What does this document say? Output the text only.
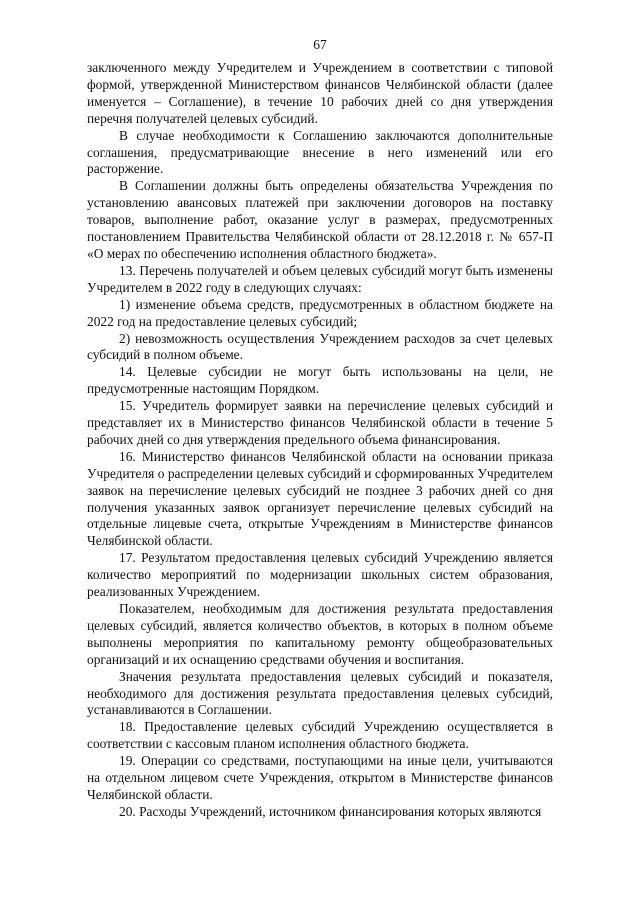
67

заключенного между Учредителем и Учреждением в соответствии с типовой формой, утвержденной Министерством финансов Челябинской области (далее именуется – Соглашение), в течение 10 рабочих дней со дня утверждения перечня получателей целевых субсидий.

В случае необходимости к Соглашению заключаются дополнительные соглашения, предусматривающие внесение в него изменений или его расторжение.

В Соглашении должны быть определены обязательства Учреждения по установлению авансовых платежей при заключении договоров на поставку товаров, выполнение работ, оказание услуг в размерах, предусмотренных постановлением Правительства Челябинской области от 28.12.2018 г. № 657-П «О мерах по обеспечению исполнения областного бюджета».

13. Перечень получателей и объем целевых субсидий могут быть изменены Учредителем в 2022 году в следующих случаях:

1) изменение объема средств, предусмотренных в областном бюджете на 2022 год на предоставление целевых субсидий;

2) невозможность осуществления Учреждением расходов за счет целевых субсидий в полном объеме.

14. Целевые субсидии не могут быть использованы на цели, не предусмотренные настоящим Порядком.

15. Учредитель формирует заявки на перечисление целевых субсидий и представляет их в Министерство финансов Челябинской области в течение 5 рабочих дней со дня утверждения предельного объема финансирования.

16. Министерство финансов Челябинской области на основании приказа Учредителя о распределении целевых субсидий и сформированных Учредителем заявок на перечисление целевых субсидий не позднее 3 рабочих дней со дня получения указанных заявок организует перечисление целевых субсидий на отдельные лицевые счета, открытые Учреждениям в Министерстве финансов Челябинской области.

17. Результатом предоставления целевых субсидий Учреждению является количество мероприятий по модернизации школьных систем образования, реализованных Учреждением.

Показателем, необходимым для достижения результата предоставления целевых субсидий, является количество объектов, в которых в полном объеме выполнены мероприятия по капитальному ремонту общеобразовательных организаций и их оснащению средствами обучения и воспитания.

Значения результата предоставления целевых субсидий и показателя, необходимого для достижения результата предоставления целевых субсидий, устанавливаются в Соглашении.

18. Предоставление целевых субсидий Учреждению осуществляется в соответствии с кассовым планом исполнения областного бюджета.

19. Операции со средствами, поступающими на иные цели, учитываются на отдельном лицевом счете Учреждения, открытом в Министерстве финансов Челябинской области.

20. Расходы Учреждений, источником финансирования которых являются
